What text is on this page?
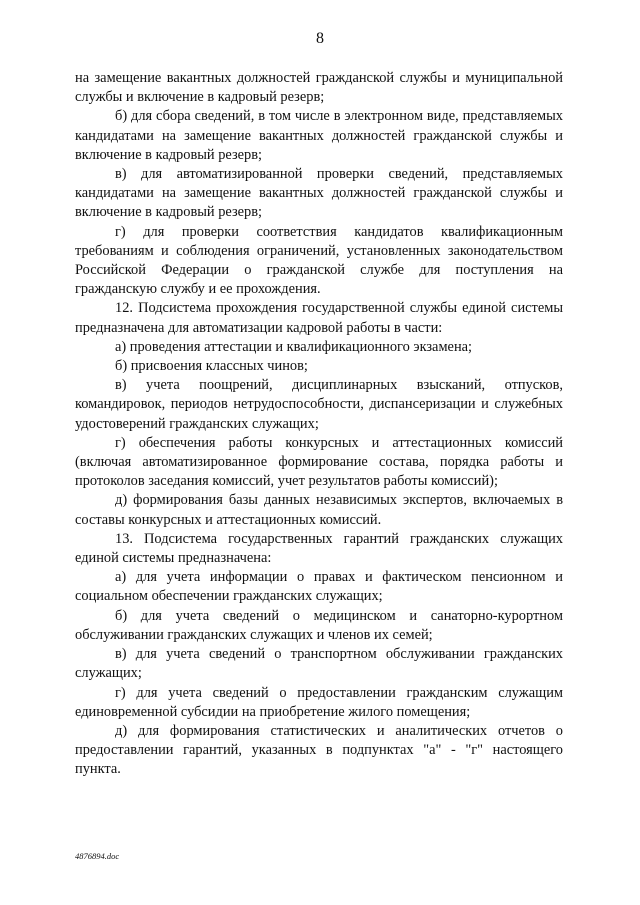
8

на замещение вакантных должностей гражданской службы и муниципальной службы и включение в кадровый резерв;

б) для сбора сведений, в том числе в электронном виде, представляемых кандидатами на замещение вакантных должностей гражданской службы и включение в кадровый резерв;

в) для автоматизированной проверки сведений, представляемых кандидатами на замещение вакантных должностей гражданской службы и включение в кадровый резерв;

г) для проверки соответствия кандидатов квалификационным требованиям и соблюдения ограничений, установленных законодательством Российской Федерации о гражданской службе для поступления на гражданскую службу и ее прохождения.

12. Подсистема прохождения государственной службы единой системы предназначена для автоматизации кадровой работы в части:

а) проведения аттестации и квалификационного экзамена;

б) присвоения классных чинов;

в) учета поощрений, дисциплинарных взысканий, отпусков, командировок, периодов нетрудоспособности, диспансеризации и служебных удостоверений гражданских служащих;

г) обеспечения работы конкурсных и аттестационных комиссий (включая автоматизированное формирование состава, порядка работы и протоколов заседания комиссий, учет результатов работы комиссий);

д) формирования базы данных независимых экспертов, включаемых в составы конкурсных и аттестационных комиссий.

13. Подсистема государственных гарантий гражданских служащих единой системы предназначена:

а) для учета информации о правах и фактическом пенсионном и социальном обеспечении гражданских служащих;

б) для учета сведений о медицинском и санаторно-курортном обслуживании гражданских служащих и членов их семей;

в) для учета сведений о транспортном обслуживании гражданских служащих;

г) для учета сведений о предоставлении гражданским служащим единовременной субсидии на приобретение жилого помещения;

д) для формирования статистических и аналитических отчетов о предоставлении гарантий, указанных в подпунктах "а" - "г" настоящего пункта.

4876894.doc
